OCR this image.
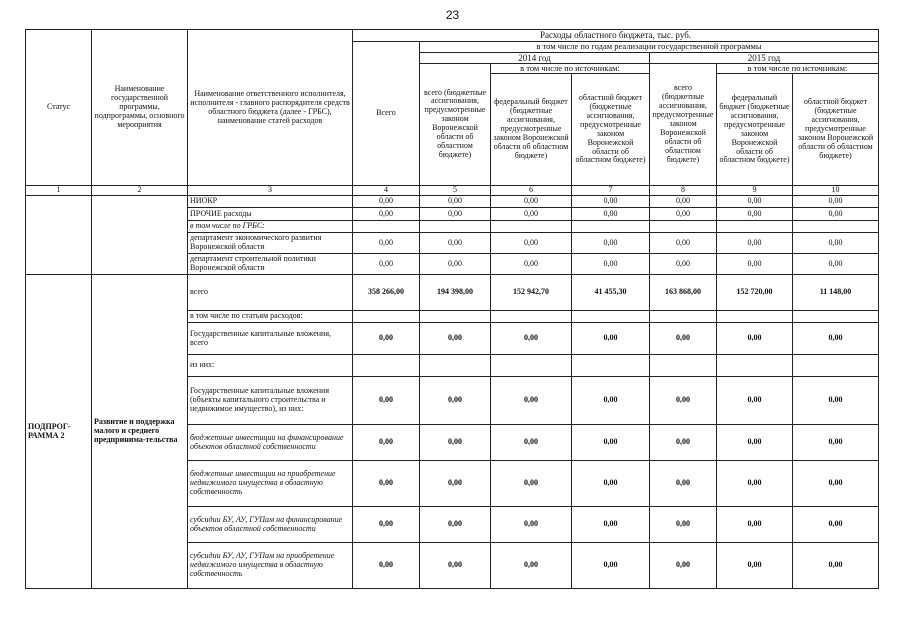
23
Статус	Наименование государственной программы, подпрограммы, основного мероприятия	Наименование ответственного исполнителя, исполнителя - главного распорядителя средств областного бюджета (далее - ГРБС), наименование статей расходов	Расходы областного бюджета, тыс. руб.						
			Всего	в том числе по годам реализации государственной программы					
				2014 год			2015 год		
				всего (бюджетные ассигнования, предусмотренные законом Воронежской области об областном бюджете)	в том числе по источникам:		всего (бюджетные ассигнования, предусмотренные законом Воронежской области об областном бюджете)	в том числе по источникам:	
					федеральный бюджет (бюджетные ассигнования, предусмотренные законом Воронежской области об областном бюджете)	областной бюджет (бюджетные ассигнования, предусмотренные законом Воронежской области об областном бюджете)		федеральный бюджет (бюджетные ассигнования, предусмотренные законом Воронежской области об областном бюджете)	областной бюджет (бюджетные ассигнования, предусмотренные законом Воронежской области об областном бюджете)
1	2	3	4	5	6	7	8	9	10
		НИОКР	0,00	0,00	0,00	0,00	0,00	0,00	0,00
		ПРОЧИЕ расходы	0,00	0,00	0,00	0,00	0,00	0,00	0,00
		в том числе по ГРБС:							
		департамент экономического развития Воронежской области	0,00	0,00	0,00	0,00	0,00	0,00	0,00
		департамент строительной политики Воронежской области	0,00	0,00	0,00	0,00	0,00	0,00	0,00
ПОДПРОГ-РАММА 2	Развитие и поддержка малого и среднего предпринима-тельства	всего	358 266,00	194 398,00	152 942,70	41 455,30	163 868,00	152 720,00	11 148,00
		в том числе по статьям расходов:							
		Государственные капитальные вложения, всего	0,00	0,00	0,00	0,00	0,00	0,00	0,00
		из них:							
		Государственные капитальные вложения (объекты капитального строительства и недвижимое имущество), из них:	0,00	0,00	0,00	0,00	0,00	0,00	0,00
		бюджетные инвестиции на финансирование объектов областной собственности	0,00	0,00	0,00	0,00	0,00	0,00	0,00
		бюджетные инвестиции на приобретение недвижимого имущества в областную собственность	0,00	0,00	0,00	0,00	0,00	0,00	0,00
		субсидии БУ, АУ, ГУПам на финансирование объектов областной собственности	0,00	0,00	0,00	0,00	0,00	0,00	0,00
		субсидии БУ, АУ, ГУПам на приобретение недвижимого имущества в областную собственность	0,00	0,00	0,00	0,00	0,00	0,00	0,00
